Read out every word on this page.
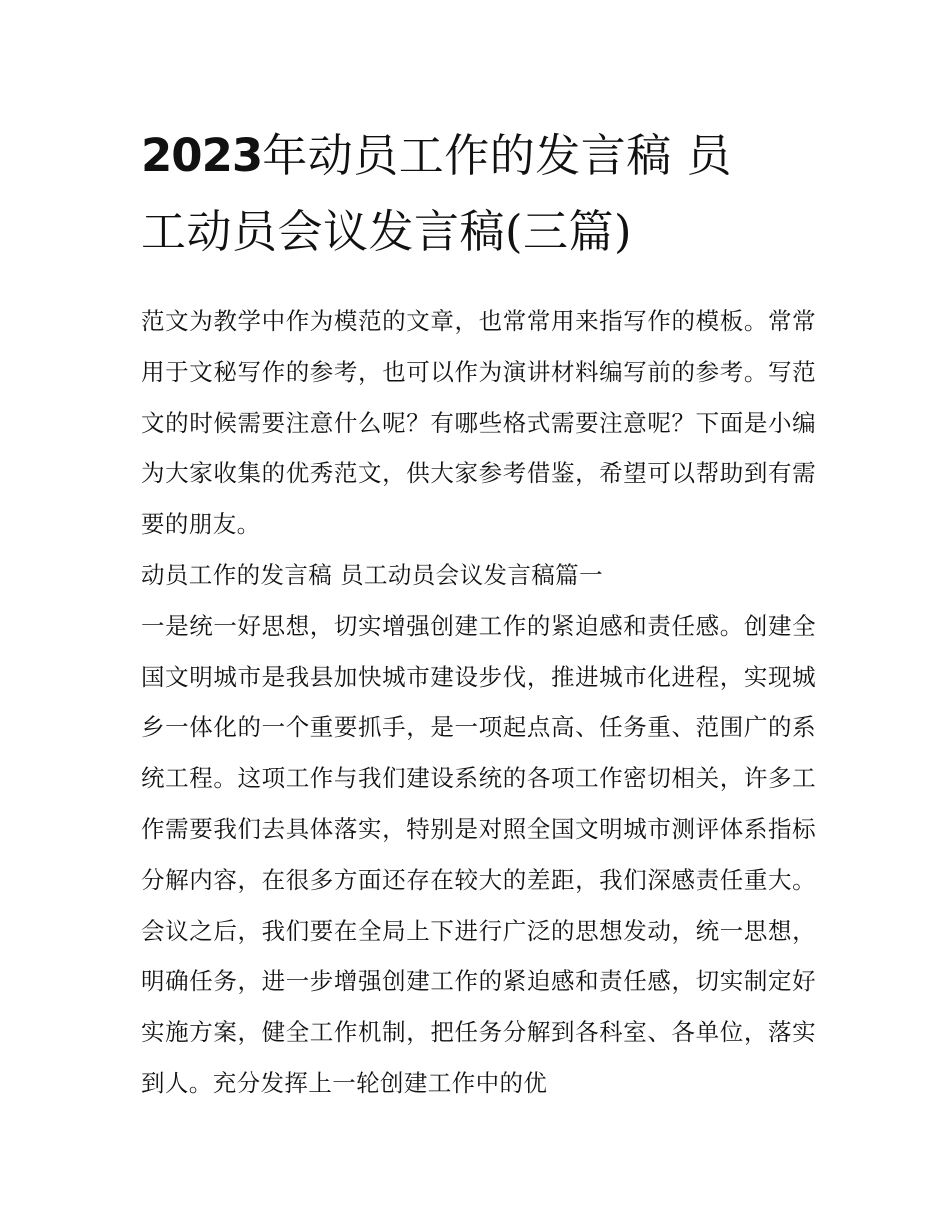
2023年动员工作的发言稿 员
工动员会议发言稿(三篇)

范文为教学中作为模范的文章，也常常用来指写作的模板。常常用于文秘写作的参考，也可以作为演讲材料编写前的参考。写范文的时候需要注意什么呢？有哪些格式需要注意呢？下面是小编为大家收集的优秀范文，供大家参考借鉴，希望可以帮助到有需要的朋友。

动员工作的发言稿 员工动员会议发言稿篇一

一是统一好思想，切实增强创建工作的紧迫感和责任感。创建全国文明城市是我县加快城市建设步伐，推进城市化进程，实现城乡一体化的一个重要抓手，是一项起点高、任务重、范围广的系统工程。这项工作与我们建设系统的各项工作密切相关，许多工作需要我们去具体落实，特别是对照全国文明城市测评体系指标分解内容，在很多方面还存在较大的差距，我们深感责任重大。会议之后，我们要在全局上下进行广泛的思想发动，统一思想，明确任务，进一步增强创建工作的紧迫感和责任感，切实制定好实施方案，健全工作机制，把任务分解到各科室、各单位，落实到人。充分发挥上一轮创建工作中的优
